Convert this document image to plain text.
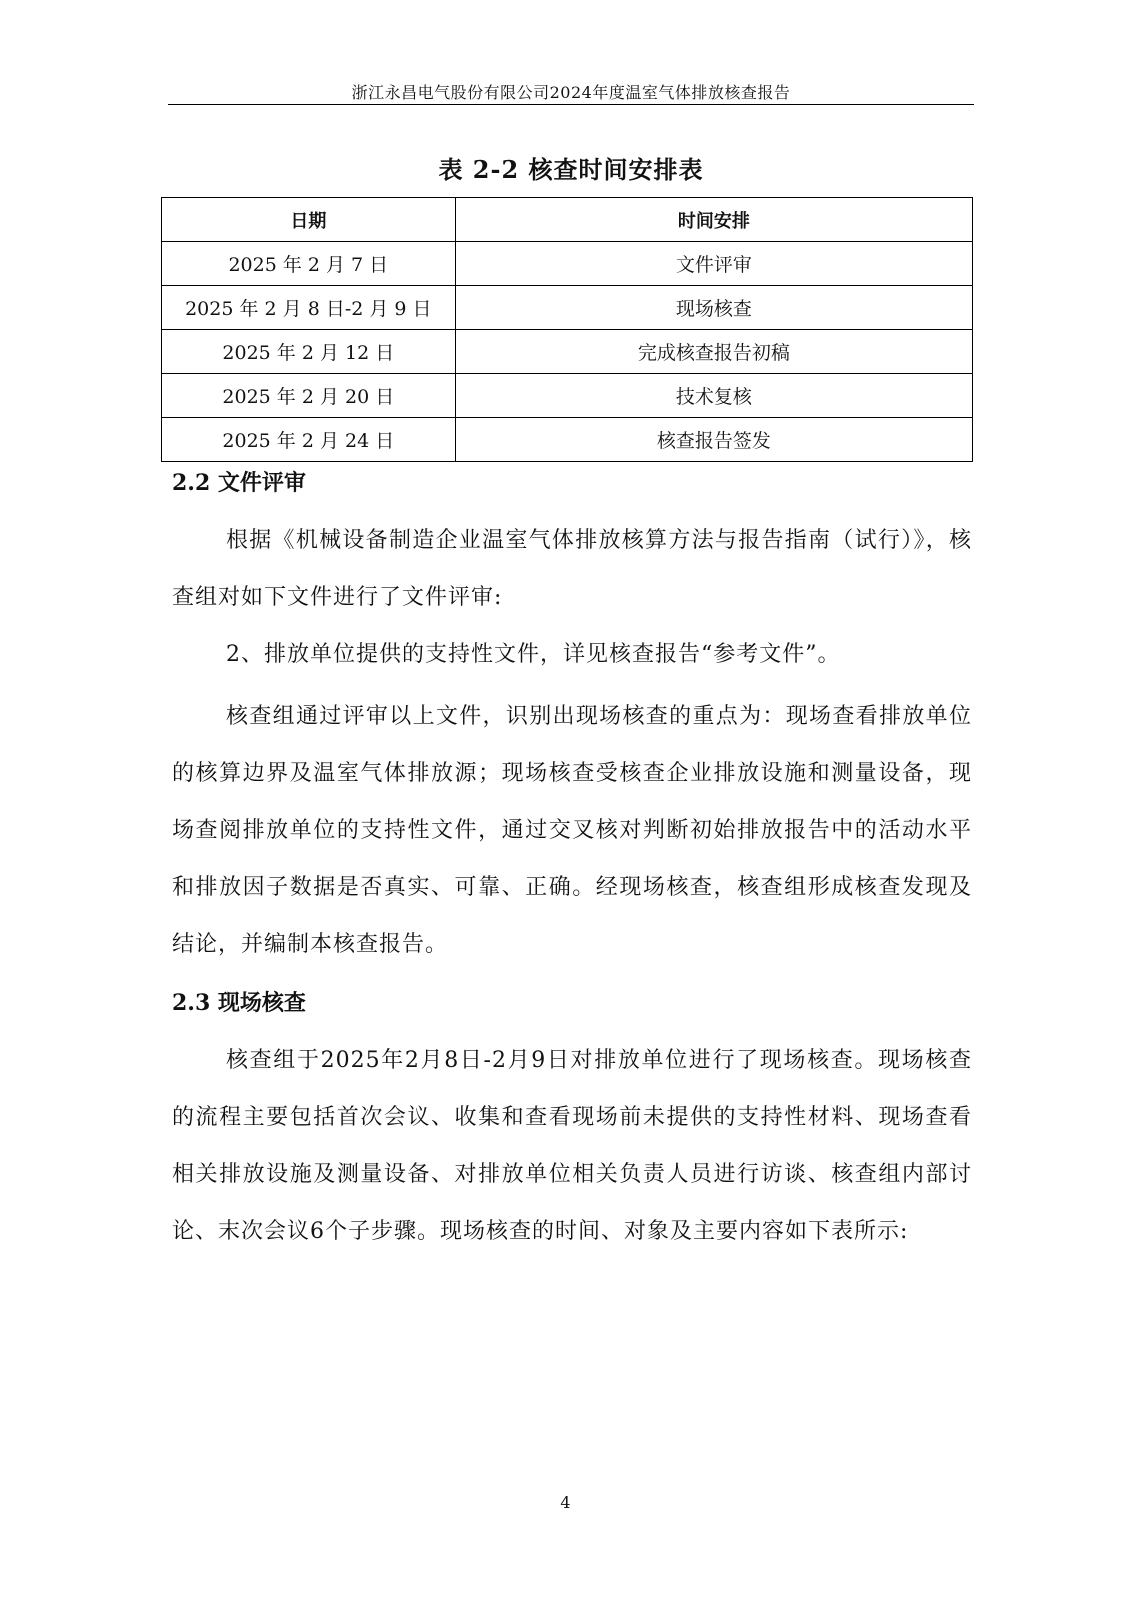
浙江永昌电气股份有限公司2024年度温室气体排放核查报告
表 2-2 核查时间安排表
日期	时间安排
2025 年 2 月 7 日	文件评审
2025 年 2 月 8 日-2 月 9 日	现场核查
2025 年 2 月 12 日	完成核查报告初稿
2025 年 2 月 20 日	技术复核
2025 年 2 月 24 日	核查报告签发
2.2 文件评审
根据《机械设备制造企业温室气体排放核算方法与报告指南（试行）》，核查组对如下文件进行了文件评审:
2、排放单位提供的支持性文件，详见核查报告“参考文件”。
核查组通过评审以上文件，识别出现场核查的重点为：现场查看排放单位的核算边界及温室气体排放源；现场核查受核查企业排放设施和测量设备，现场查阅排放单位的支持性文件，通过交叉核对判断初始排放报告中的活动水平和排放因子数据是否真实、可靠、正确。经现场核查，核查组形成核查发现及结论，并编制本核查报告。
2.3 现场核查
核查组于2025年2月8日-2月9日对排放单位进行了现场核查。现场核查的流程主要包括首次会议、收集和查看现场前未提供的支持性材料、现场查看相关排放设施及测量设备、对排放单位相关负责人员进行访谈、核查组内部讨论、末次会议6个子步骤。现场核查的时间、对象及主要内容如下表所示:
4
